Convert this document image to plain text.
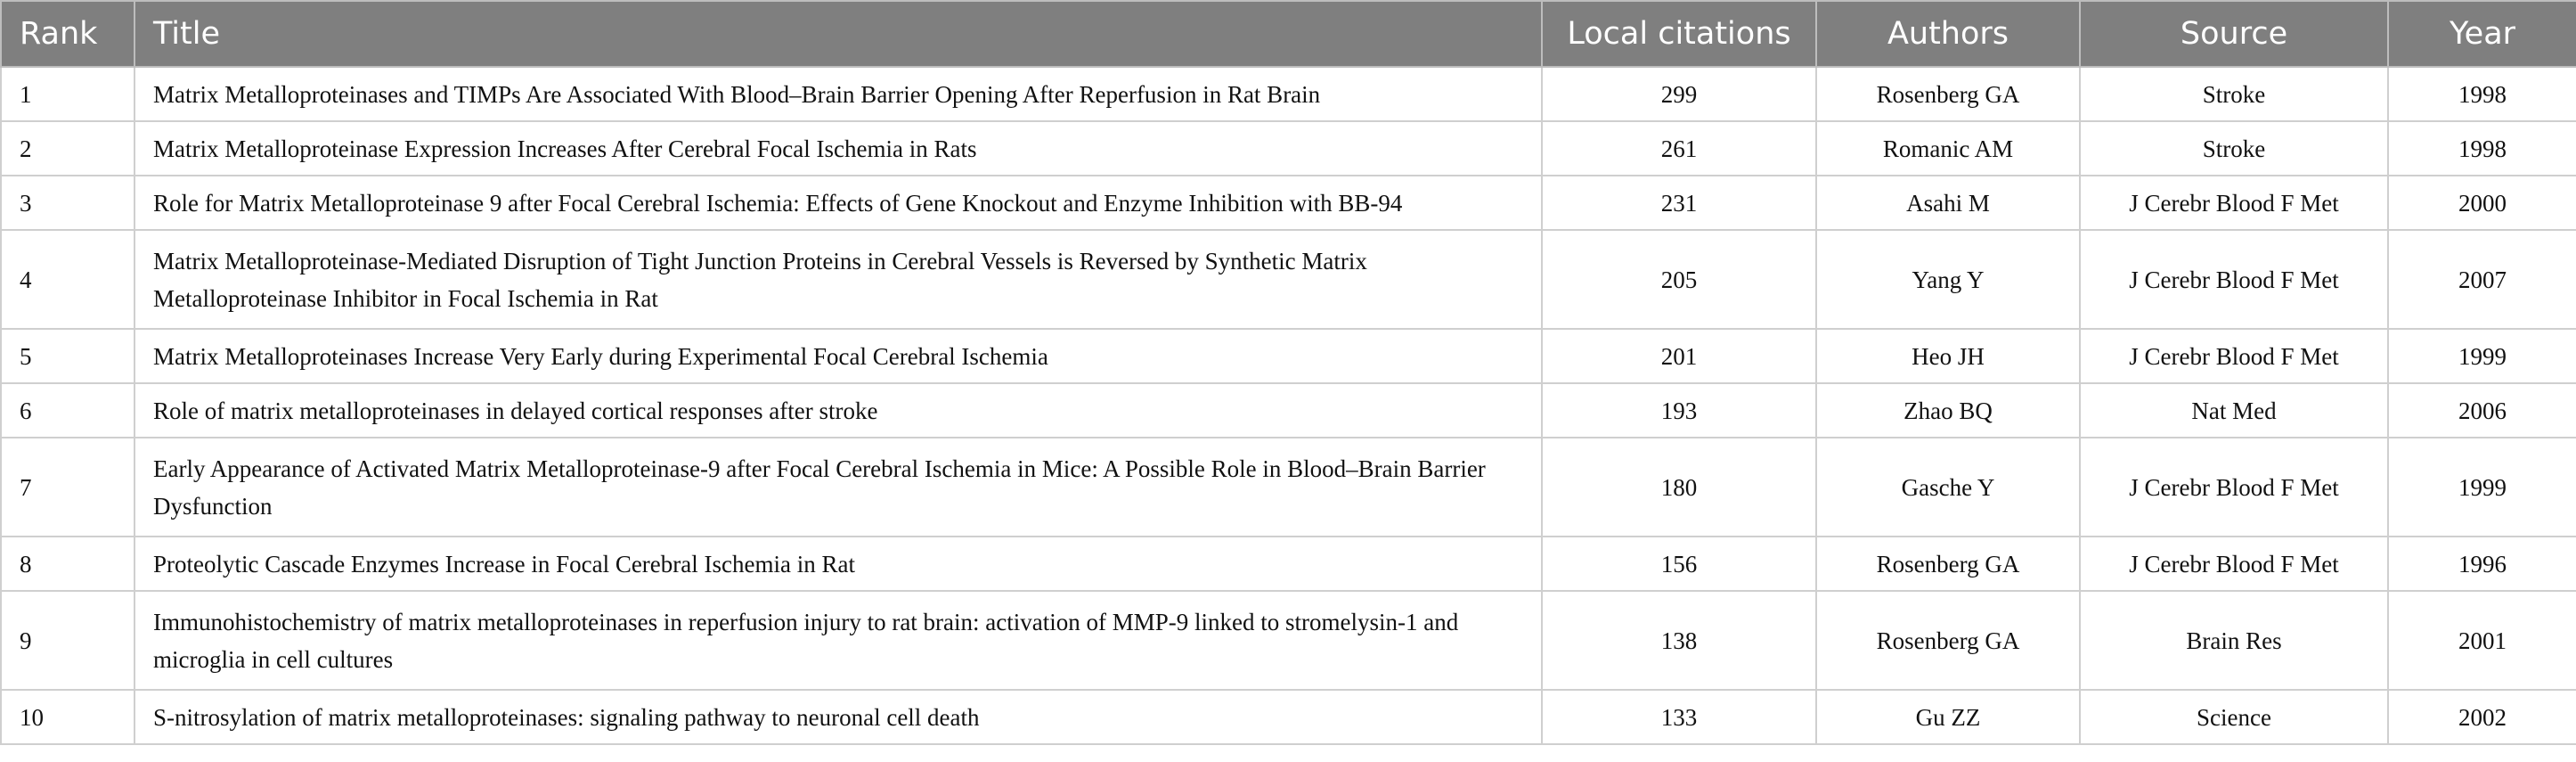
Rank	Title	Local citations	Authors	Source	Year
1	Matrix Metalloproteinases and TIMPs Are Associated With Blood–Brain Barrier Opening After Reperfusion in Rat Brain	299	Rosenberg GA	Stroke	1998
2	Matrix Metalloproteinase Expression Increases After Cerebral Focal Ischemia in Rats	261	Romanic AM	Stroke	1998
3	Role for Matrix Metalloproteinase 9 after Focal Cerebral Ischemia: Effects of Gene Knockout and Enzyme Inhibition with BB-94	231	Asahi M	J Cerebr Blood F Met	2000
4	Matrix Metalloproteinase-Mediated Disruption of Tight Junction Proteins in Cerebral Vessels is Reversed by Synthetic Matrix Metalloproteinase Inhibitor in Focal Ischemia in Rat	205	Yang Y	J Cerebr Blood F Met	2007
5	Matrix Metalloproteinases Increase Very Early during Experimental Focal Cerebral Ischemia	201	Heo JH	J Cerebr Blood F Met	1999
6	Role of matrix metalloproteinases in delayed cortical responses after stroke	193	Zhao BQ	Nat Med	2006
7	Early Appearance of Activated Matrix Metalloproteinase-9 after Focal Cerebral Ischemia in Mice: A Possible Role in Blood–Brain Barrier Dysfunction	180	Gasche Y	J Cerebr Blood F Met	1999
8	Proteolytic Cascade Enzymes Increase in Focal Cerebral Ischemia in Rat	156	Rosenberg GA	J Cerebr Blood F Met	1996
9	Immunohistochemistry of matrix metalloproteinases in reperfusion injury to rat brain: activation of MMP-9 linked to stromelysin-1 and microglia in cell cultures	138	Rosenberg GA	Brain Res	2001
10	S-nitrosylation of matrix metalloproteinases: signaling pathway to neuronal cell death	133	Gu ZZ	Science	2002
